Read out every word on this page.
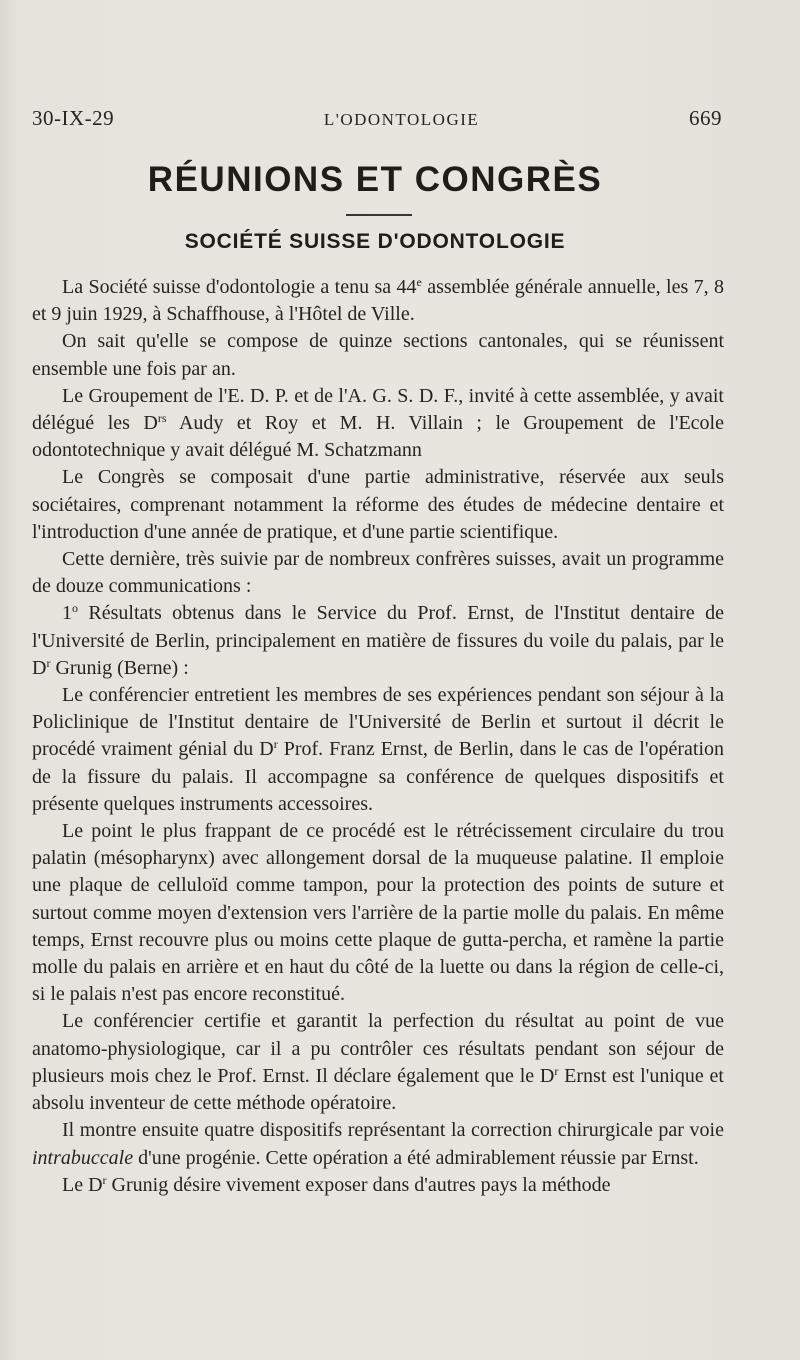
30-IX-29	L'ODONTOLOGIE	669
RÉUNIONS ET CONGRÈS
SOCIÉTÉ SUISSE D'ODONTOLOGIE

La Société suisse d'odontologie a tenu sa 44e assemblée générale annuelle, les 7, 8 et 9 juin 1929, à Schaffhouse, à l'Hôtel de Ville.

On sait qu'elle se compose de quinze sections cantonales, qui se réunissent ensemble une fois par an.

Le Groupement de l'E. D. P. et de l'A. G. S. D. F., invité à cette assemblée, y avait délégué les $D^{rs}$ Audy et Roy et M. H. Villain ; le Groupement de l'Ecole odontotechnique y avait délégué M. Schatzmann

Le Congrès se composait d'une partie administrative, réservée aux seuls sociétaires, comprenant notamment la réforme des études de médecine dentaire et l'introduction d'une année de pratique, et d'une partie scientifique.

Cette dernière, très suivie par de nombreux confrères suisses, avait un programme de douze communications :

1$^o$ Résultats obtenus dans le Service du Prof. Ernst, de l'Institut dentaire de l'Université de Berlin, principalement en matière de fissures du voile du palais, par le $D^r$ Grunig (Berne) :

Le conférencier entretient les membres de ses expériences pendant son séjour à la Policlinique de l'Institut dentaire de l'Université de Berlin et surtout il décrit le procédé vraiment génial du $D^r$ Prof. Franz Ernst, de Berlin, dans le cas de l'opération de la fissure du palais. Il accompagne sa conférence de quelques dispositifs et présente quelques instruments accessoires.

Le point le plus frappant de ce procédé est le rétrécissement circulaire du trou palatin (mésopharynx) avec allongement dorsal de la muqueuse palatine. Il emploie une plaque de celluloïd comme tampon, pour la protection des points de suture et surtout comme moyen d'extension vers l'arrière de la partie molle du palais. En même temps, Ernst recouvre plus ou moins cette plaque de gutta-percha, et ramène la partie molle du palais en arrière et en haut du côté de la luette ou dans la région de celle-ci, si le palais n'est pas encore reconstitué.

Le conférencier certifie et garantit la perfection du résultat au point de vue anatomo-physiologique, car il a pu contrôler ces résultats pendant son séjour de plusieurs mois chez le Prof. Ernst. Il déclare également que le $D^r$ Ernst est l'unique et absolu inventeur de cette méthode opératoire.

Il montre ensuite quatre dispositifs représentant la correction chirurgicale par voie intrabuccale d'une progénie. Cette opération a été admirablement réussie par Ernst.

Le $D^r$ Grunig désire vivement exposer dans d'autres pays la méthode
